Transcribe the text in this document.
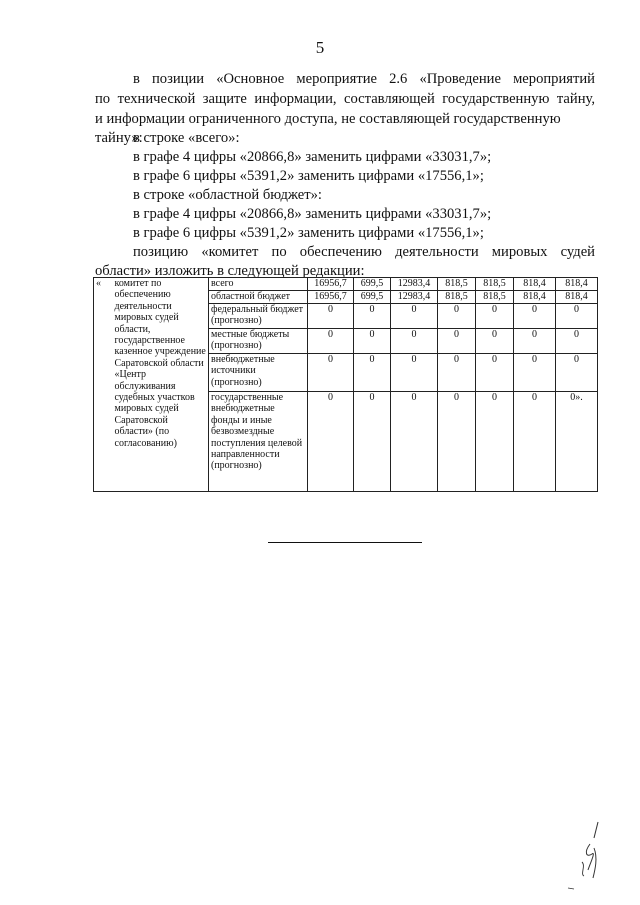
5
в позиции «Основное мероприятие 2.6 «Проведение мероприятий
по технической защите информации, составляющей государственную тайну,
и информации ограниченного доступа, не составляющей государственную тайну»:
в строке «всего»:
в графе 4 цифры «20866,8» заменить цифрами «33031,7»;
в графе 6 цифры «5391,2» заменить цифрами «17556,1»;
в строке «областной бюджет»:
в графе 4 цифры «20866,8» заменить цифрами «33031,7»;
в графе 6 цифры «5391,2» заменить цифрами «17556,1»;
позицию «комитет по обеспечению деятельности мировых судей
области» изложить в следующей редакции:
«	комитет по обеспечению деятельности мировых судей области, государственное казенное учреждение Саратовской области «Центр обслуживания судебных участков мировых судей Саратовской области» (по согласованию)	всего	16956,7	699,5	12983,4	818,5	818,5	818,4	818,4
		областной бюджет	16956,7	699,5	12983,4	818,5	818,5	818,4	818,4
		федеральный бюджет (прогнозно)	0	0	0	0	0	0	0
		местные бюджеты (прогнозно)	0	0	0	0	0	0	0
		внебюджетные источники (прогнозно)	0	0	0	0	0	0	0
		государственные внебюджетные фонды и иные безвозмездные поступления целевой направленности (прогнозно)	0	0	0	0	0	0	0».
